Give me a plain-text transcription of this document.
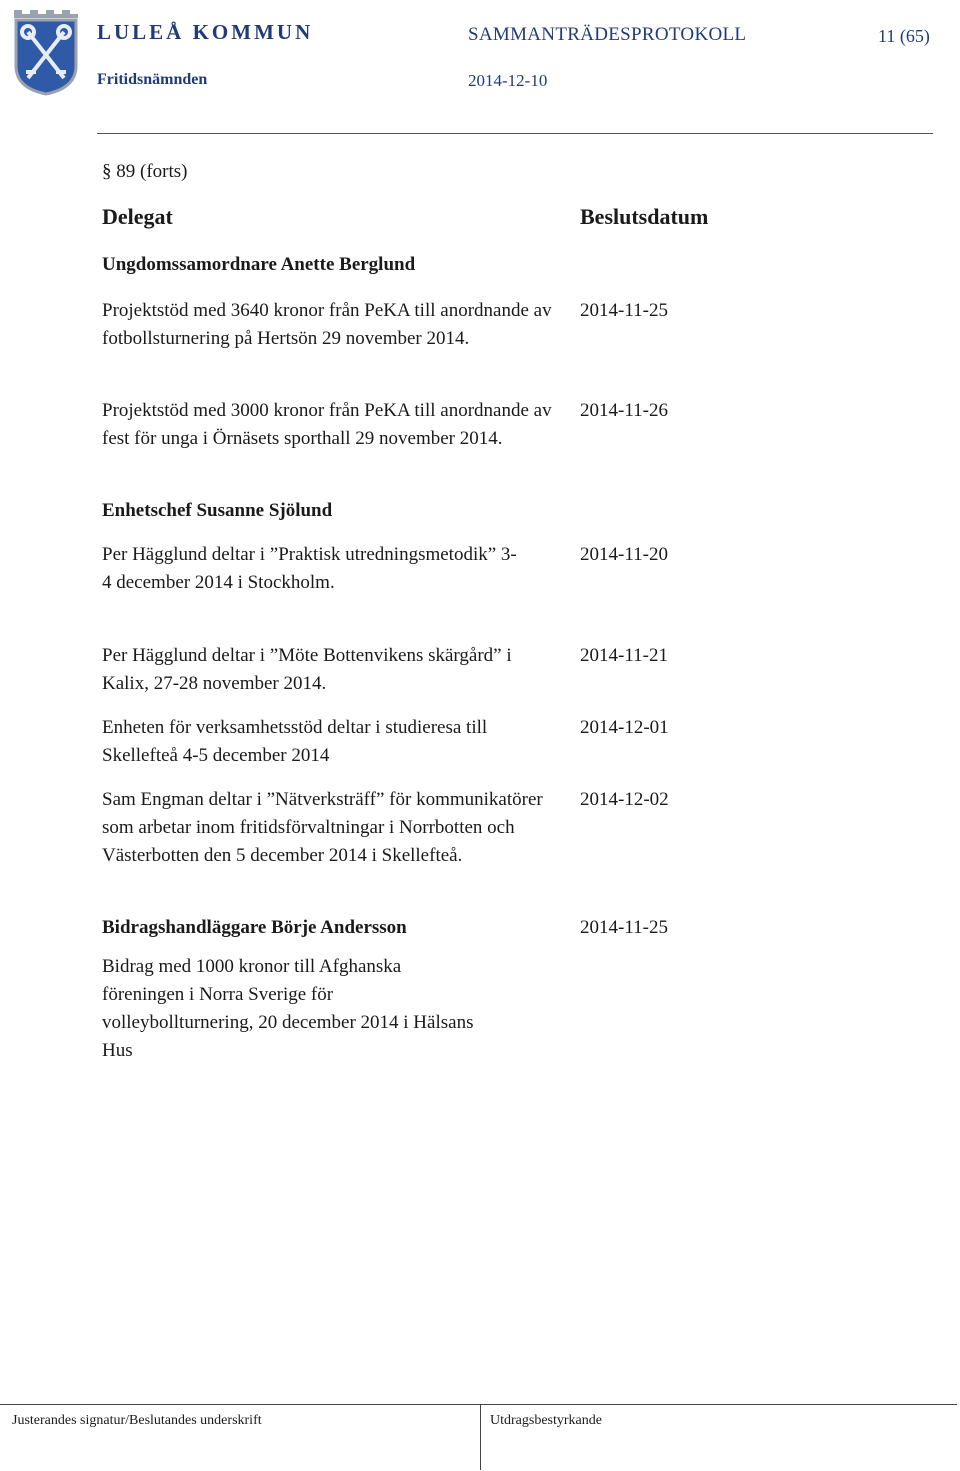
LULEÅ KOMMUN
Fritidsnämnden
SAMMANTRÄDESPROTOKOLL
2014-12-10
11 (65)
§ 89 (forts)
Delegat	Beslutsdatum
Ungdomssamordnare Anette Berglund
Projektstöd med 3640 kronor från PeKA till anordnande av fotbollsturnering på Hertsön 29 november 2014.
2014-11-25
Projektstöd med 3000 kronor från PeKA till anordnande av fest för unga i Örnäsets sporthall 29 november 2014.
2014-11-26
Enhetschef Susanne Sjölund
Per Hägglund deltar i ”Praktisk utredningsmetodik” 3-4 december 2014 i Stockholm.
2014-11-20
Per Hägglund deltar i ”Möte Bottenvikens skärgård” i Kalix, 27-28 november 2014.
2014-11-21
Enheten för verksamhetsstöd deltar i studieresa till Skellefteå 4-5 december 2014
2014-12-01
Sam Engman deltar i ”Nätverksträff” för kommunikatörer som arbetar inom fritidsförvaltningar i Norrbotten och Västerbotten den 5 december 2014 i Skellefteå.
2014-12-02
Bidragshandläggare Börje Andersson	2014-11-25
Bidrag med 1000 kronor till Afghanska föreningen i Norra Sverige för volleybollturnering, 20 december 2014 i Hälsans Hus
Justerandes signatur/Beslutandes underskrift	Utdragsbestyrkande
